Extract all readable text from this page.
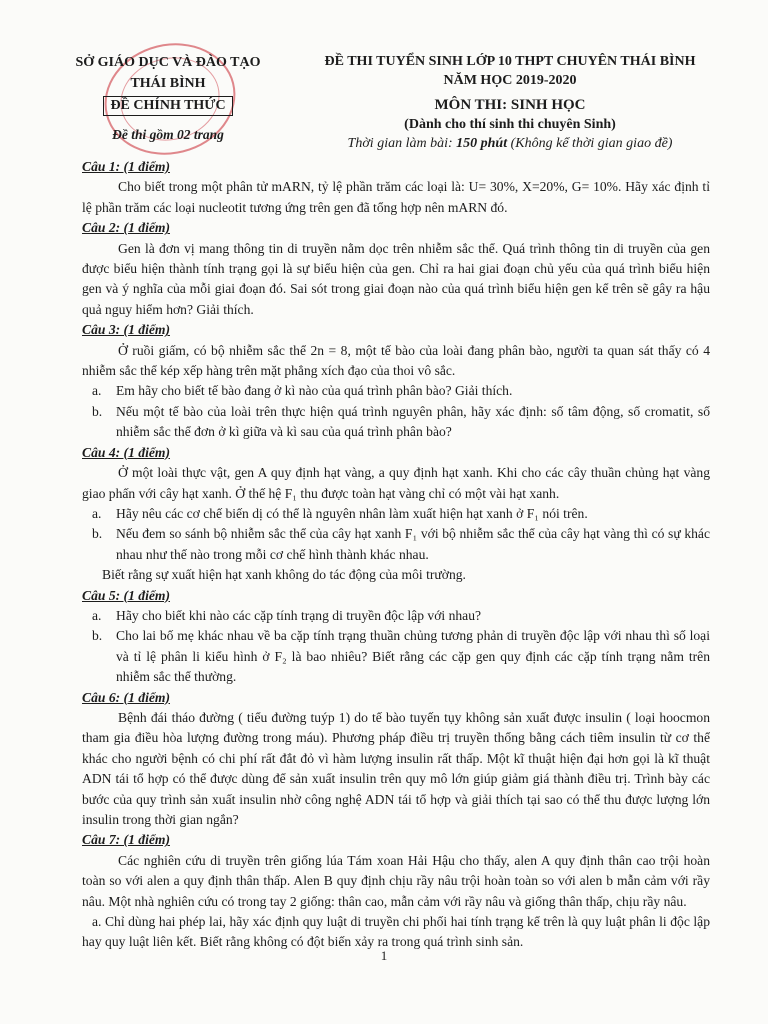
SỞ GIÁO DỤC VÀ ĐÀO TẠO
THÁI BÌNH
ĐỀ CHÍNH THỨC
Đề thi gồm 02 trang
ĐỀ THI TUYỂN SINH LỚP 10 THPT CHUYÊN THÁI BÌNH
NĂM HỌC 2019-2020
MÔN THI: SINH HỌC
(Dành cho thí sinh thi chuyên Sinh)
Thời gian làm bài: 150 phút (Không kể thời gian giao đề)

Câu 1: (1 điểm)

Cho biết trong một phân tử mARN, tỷ lệ phần trăm các loại là: U= 30%, X=20%, G= 10%. Hãy xác định tỉ lệ phần trăm các loại nucleotit tương ứng trên gen đã tổng hợp nên mARN đó.

Câu 2: (1 điểm)

Gen là đơn vị mang thông tin di truyền nằm dọc trên nhiễm sắc thể. Quá trình thông tin di truyền của gen được biểu hiện thành tính trạng gọi là sự biểu hiện của gen. Chỉ ra hai giai đoạn chủ yếu của quá trình biểu hiện gen và ý nghĩa của mỗi giai đoạn đó. Sai sót trong giai đoạn nào của quá trình biểu hiện gen kể trên sẽ gây ra hậu quả nguy hiểm hơn? Giải thích.

Câu 3: (1 điểm)

Ở ruồi giấm, có bộ nhiễm sắc thể 2n = 8, một tế bào của loài đang phân bào, người ta quan sát thấy có 4 nhiễm sắc thể kép xếp hàng trên mặt phẳng xích đạo của thoi vô sắc.

a. Em hãy cho biết tế bào đang ở kì nào của quá trình phân bào? Giải thích.
b. Nếu một tế bào của loài trên thực hiện quá trình nguyên phân, hãy xác định: số tâm động, số cromatit, số nhiễm sắc thể đơn ở kì giữa và kì sau của quá trình phân bào?

Câu 4: (1 điểm)

Ở một loài thực vật, gen A quy định hạt vàng, a quy định hạt xanh. Khi cho các cây thuần chủng hạt vàng giao phấn với cây hạt xanh. Ở thế hệ F₁ thu được toàn hạt vàng chỉ có một vài hạt xanh.

a. Hãy nêu các cơ chế biến dị có thể là nguyên nhân làm xuất hiện hạt xanh ở F₁ nói trên.
b. Nếu đem so sánh bộ nhiễm sắc thể của cây hạt xanh F₁ với bộ nhiễm sắc thể của cây hạt vàng thì có sự khác nhau như thế nào trong mỗi cơ chế hình thành khác nhau.

Biết rằng sự xuất hiện hạt xanh không do tác động của môi trường.

Câu 5: (1 điểm)

a. Hãy cho biết khi nào các cặp tính trạng di truyền độc lập với nhau?
b. Cho lai bố mẹ khác nhau về ba cặp tính trạng thuần chủng tương phản di truyền độc lập với nhau thì số loại và tỉ lệ phân li kiểu hình ở F₂ là bao nhiêu? Biết rằng các cặp gen quy định các cặp tính trạng nằm trên nhiễm sắc thể thường.

Câu 6: (1 điểm)

Bệnh đái tháo đường ( tiểu đường tuýp 1) do tế bào tuyến tụy không sản xuất được insulin ( loại hoocmon tham gia điều hòa lượng đường trong máu). Phương pháp điều trị truyền thống bằng cách tiêm insulin từ cơ thể khác cho người bệnh có chi phí rất đắt đỏ vì hàm lượng insulin rất thấp. Một kĩ thuật hiện đại hơn gọi là kĩ thuật ADN tái tổ hợp có thể được dùng để sản xuất insulin trên quy mô lớn giúp giảm giá thành điều trị. Trình bày các bước của quy trình sản xuất insulin nhờ công nghệ ADN tái tổ hợp và giải thích tại sao có thể thu được lượng lớn insulin trong thời gian ngắn?

Câu 7: (1 điểm)

Các nghiên cứu di truyền trên giống lúa Tám xoan Hải Hậu cho thấy, alen A quy định thân cao trội hoàn toàn so với alen a quy định thân thấp. Alen B quy định chịu rầy nâu trội hoàn toàn so với alen b mẫn cảm với rầy nâu. Một nhà nghiên cứu có trong tay 2 giống: thân cao, mẫn cảm với rầy nâu và giống thân thấp, chịu rầy nâu.

a. Chỉ dùng hai phép lai, hãy xác định quy luật di truyền chi phối hai tính trạng kể trên là quy luật phân li độc lập hay quy luật liên kết. Biết rằng không có đột biến xảy ra trong quá trình sinh sản.

1
